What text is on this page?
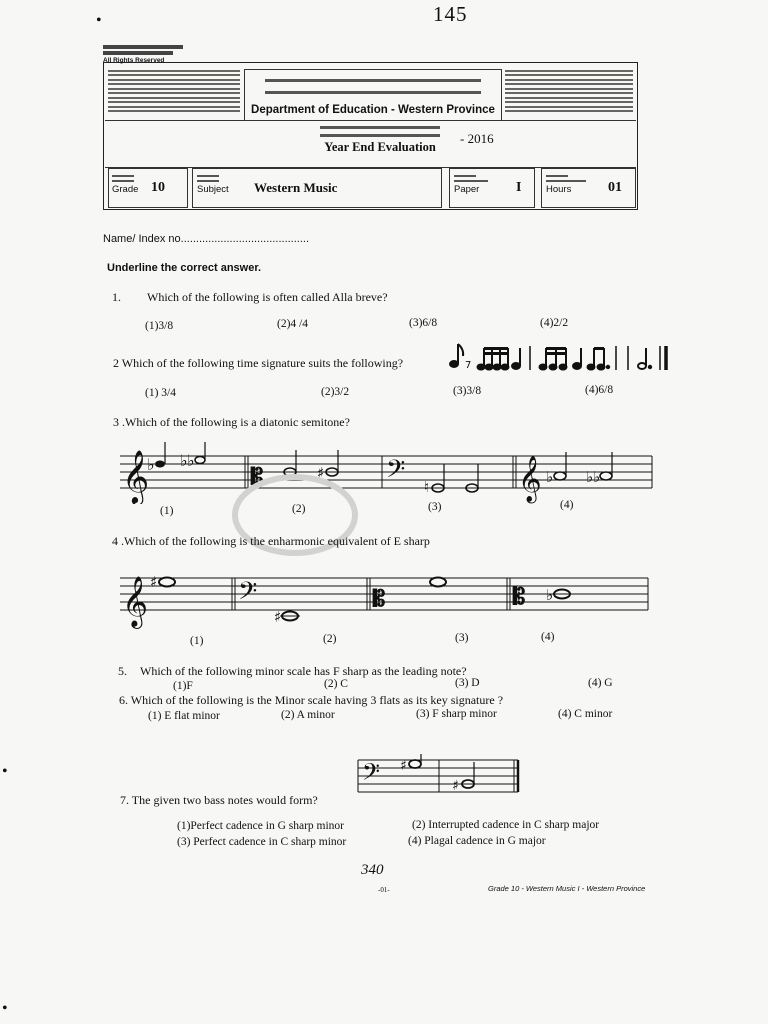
145
•
•
•
All Rights Reserved
Department of Education - Western Province
Year End Evaluation
- 2016
Grade 10	Subject Western Music	Paper	I	Hours	01
Name/ Index no..........................................
Underline the correct answer.
1. Which of the following is often called Alla breve?
(1)3/8	(2)4 /4	(3)6/8	(4)2/2
2 Which of the following time signature suits the following?	7
(1) 3/4	(2)3/2	(3)3/8	(4)6/8
3 .Which of the following is a diatonic semitone?
𝄞
♭ ♭ ♭
𝄡	♯ 𝄢 ♮ 𝄞 ♭ ♭ ♭
(1)	(2)	(3)	(4)
4 .Which of the following is the enharmonic equivalent of E sharp
𝄞 ♯	𝄢
♯
𝄡	𝄡 ♭
(1)	(2)	(3)	(4)
5. Which of the following minor scale has F sharp as the leading note?
(1)F	(2) C	(3) D	(4) G
6. Which of the following is the Minor scale having 3 flats as its key signature ?
(1) E flat minor	(2) A minor	(3) F sharp minor	(4) C minor
𝄢 ♯
♯
7. The given two bass notes would form?
(1)Perfect cadence in G sharp minor	(2) Interrupted cadence in C sharp major
(3) Perfect cadence in C sharp minor	(4) Plagal cadence in G major
340
-01-	Grade 10 - Western Music I - Western Province
